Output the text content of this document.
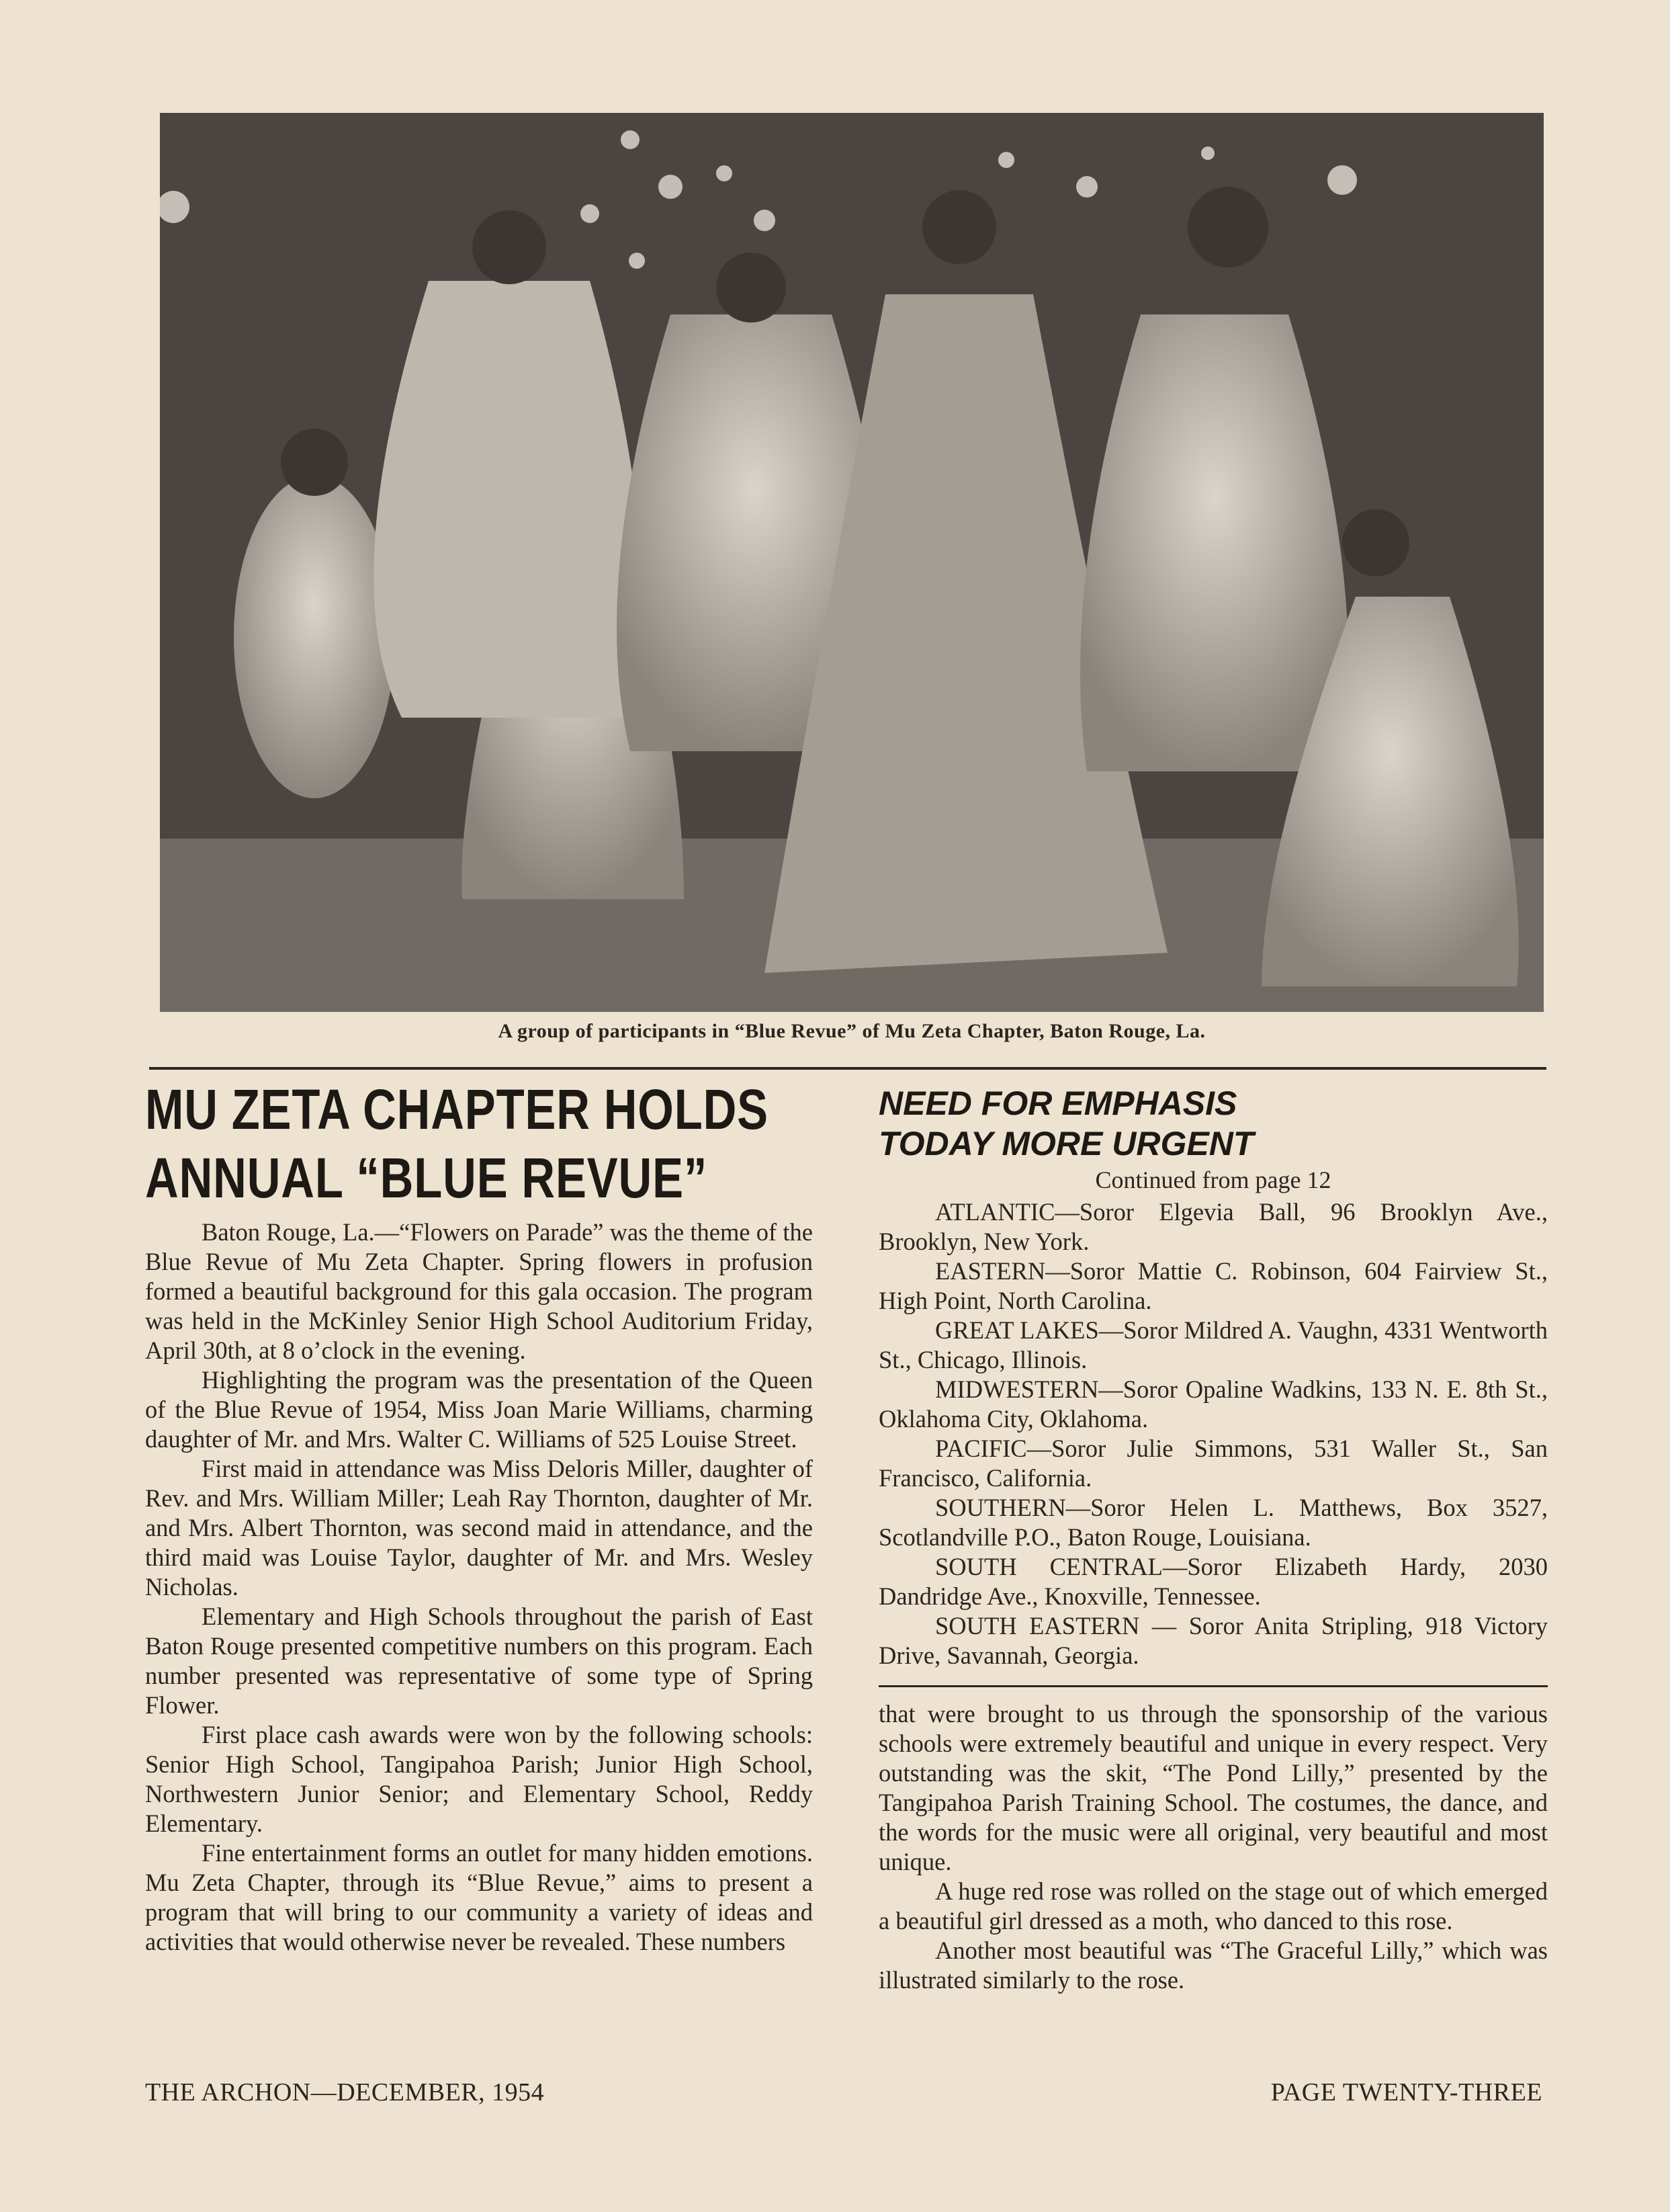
A group of participants in “Blue Revue” of Mu Zeta Chapter, Baton Rouge, La.
MU ZETA CHAPTER HOLDS
ANNUAL “BLUE REVUE”

Baton Rouge, La.—“Flowers on Parade” was the theme of the Blue Revue of Mu Zeta Chapter. Spring flowers in profusion formed a beautiful background for this gala occasion. The program was held in the McKinley Senior High School Auditorium Friday, April 30th, at 8 o’clock in the evening.

Highlighting the program was the presentation of the Queen of the Blue Revue of 1954, Miss Joan Marie Williams, charming daughter of Mr. and Mrs. Walter C. Williams of 525 Louise Street.

First maid in attendance was Miss Deloris Miller, daughter of Rev. and Mrs. William Miller; Leah Ray Thornton, daughter of Mr. and Mrs. Albert Thornton, was second maid in attendance, and the third maid was Louise Taylor, daughter of Mr. and Mrs. Wesley Nicholas.

Elementary and High Schools throughout the parish of East Baton Rouge presented competitive numbers on this program. Each number presented was representative of some type of Spring Flower.

First place cash awards were won by the following schools: Senior High School, Tangipahoa Parish; Junior High School, Northwestern Junior Senior; and Elementary School, Reddy Elementary.

Fine entertainment forms an outlet for many hidden emotions. Mu Zeta Chapter, through its “Blue Revue,” aims to present a program that will bring to our community a variety of ideas and activities that would otherwise never be revealed. These numbers

NEED FOR EMPHASIS
TODAY MORE URGENT

Continued from page 12

ATLANTIC—Soror Elgevia Ball, 96 Brooklyn Ave., Brooklyn, New York.

EASTERN—Soror Mattie C. Robinson, 604 Fairview St., High Point, North Carolina.

GREAT LAKES—Soror Mildred A. Vaughn, 4331 Wentworth St., Chicago, Illinois.

MIDWESTERN—Soror Opaline Wadkins, 133 N. E. 8th St., Oklahoma City, Oklahoma.

PACIFIC—Soror Julie Simmons, 531 Waller St., San Francisco, California.

SOUTHERN—Soror Helen L. Matthews, Box 3527, Scotlandville P.O., Baton Rouge, Louisiana.

SOUTH CENTRAL—Soror Elizabeth Hardy, 2030 Dandridge Ave., Knoxville, Tennessee.

SOUTH EASTERN — Soror Anita Stripling, 918 Victory Drive, Savannah, Georgia.

that were brought to us through the sponsorship of the various schools were extremely beautiful and unique in every respect. Very outstanding was the skit, “The Pond Lilly,” presented by the Tangipahoa Parish Training School. The costumes, the dance, and the words for the music were all original, very beautiful and most unique.

A huge red rose was rolled on the stage out of which emerged a beautiful girl dressed as a moth, who danced to this rose.

Another most beautiful was “The Graceful Lilly,” which was illustrated similarly to the rose.

THE ARCHON—DECEMBER, 1954	PAGE TWENTY-THREE
